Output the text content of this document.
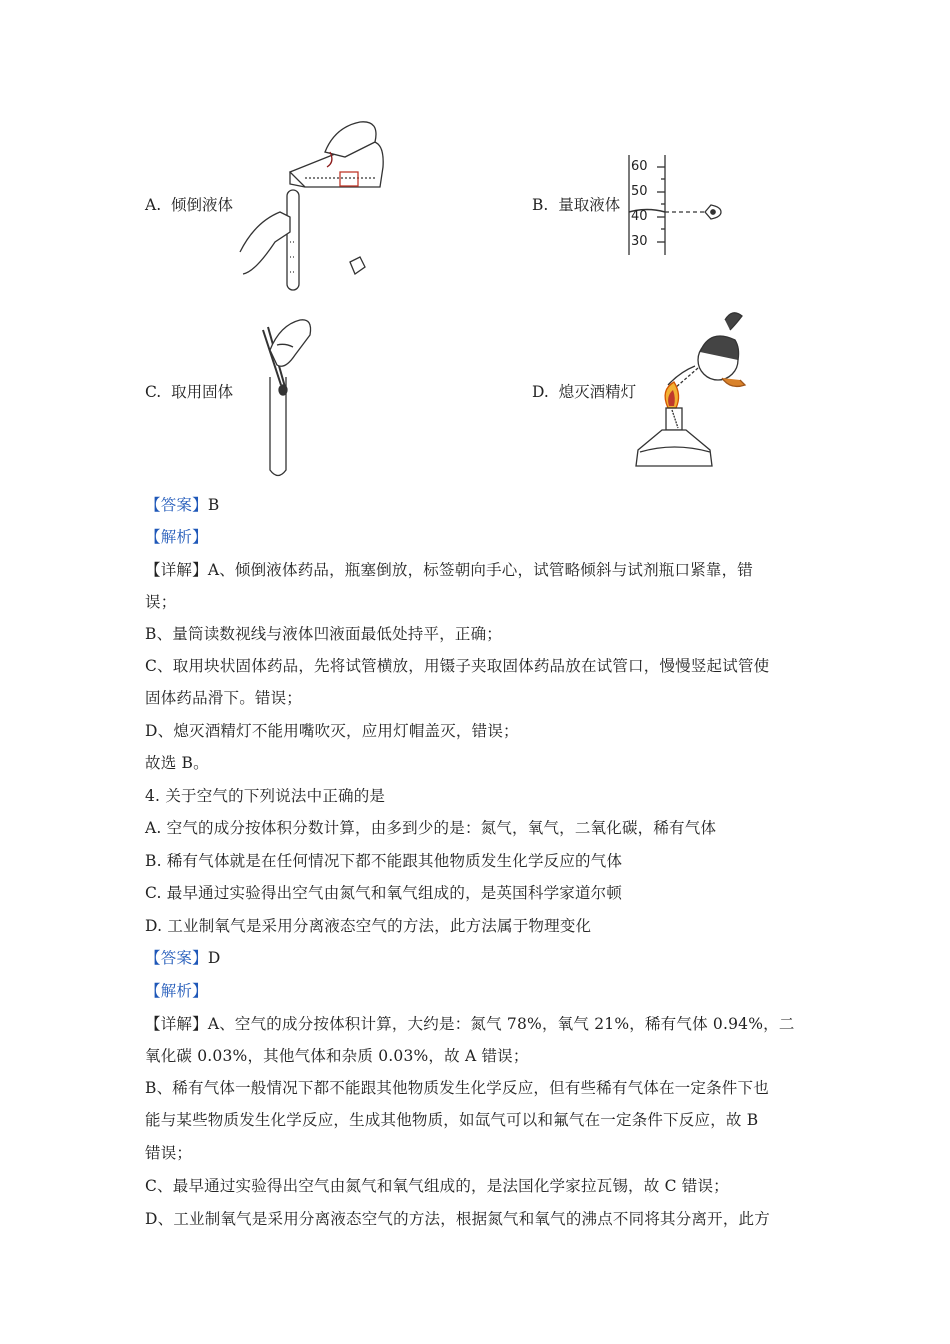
A. 倾倒液体	B. 量取液体
C. 取用固体	D. 熄灭酒精灯
60
50
40
30
【答案】B
【解析】
【详解】A、倾倒液体药品，瓶塞倒放，标签朝向手心，试管略倾斜与试剂瓶口紧靠，错
误；
B、量筒读数视线与液体凹液面最低处持平，正确；
C、取用块状固体药品，先将试管横放，用镊子夹取固体药品放在试管口，慢慢竖起试管使
固体药品滑下。错误；
D、熄灭酒精灯不能用嘴吹灭，应用灯帽盖灭，错误；
故选 B。
4. 关于空气的下列说法中正确的是
A. 空气的成分按体积分数计算，由多到少的是：氮气，氧气，二氧化碳，稀有气体
B. 稀有气体就是在任何情况下都不能跟其他物质发生化学反应的气体
C. 最早通过实验得出空气由氮气和氧气组成的，是英国科学家道尔顿
D. 工业制氧气是采用分离液态空气的方法，此方法属于物理变化
【答案】D
【解析】
【详解】A、空气的成分按体积计算，大约是：氮气 78%，氧气 21%，稀有气体 0.94%，二
氧化碳 0.03%，其他气体和杂质 0.03%，故 A 错误；
B、稀有气体一般情况下都不能跟其他物质发生化学反应，但有些稀有气体在一定条件下也
能与某些物质发生化学反应，生成其他物质，如氙气可以和氟气在一定条件下反应，故 B
错误；
C、最早通过实验得出空气由氮气和氧气组成的，是法国化学家拉瓦锡，故 C 错误；
D、工业制氧气是采用分离液态空气的方法，根据氮气和氧气的沸点不同将其分离开，此方
